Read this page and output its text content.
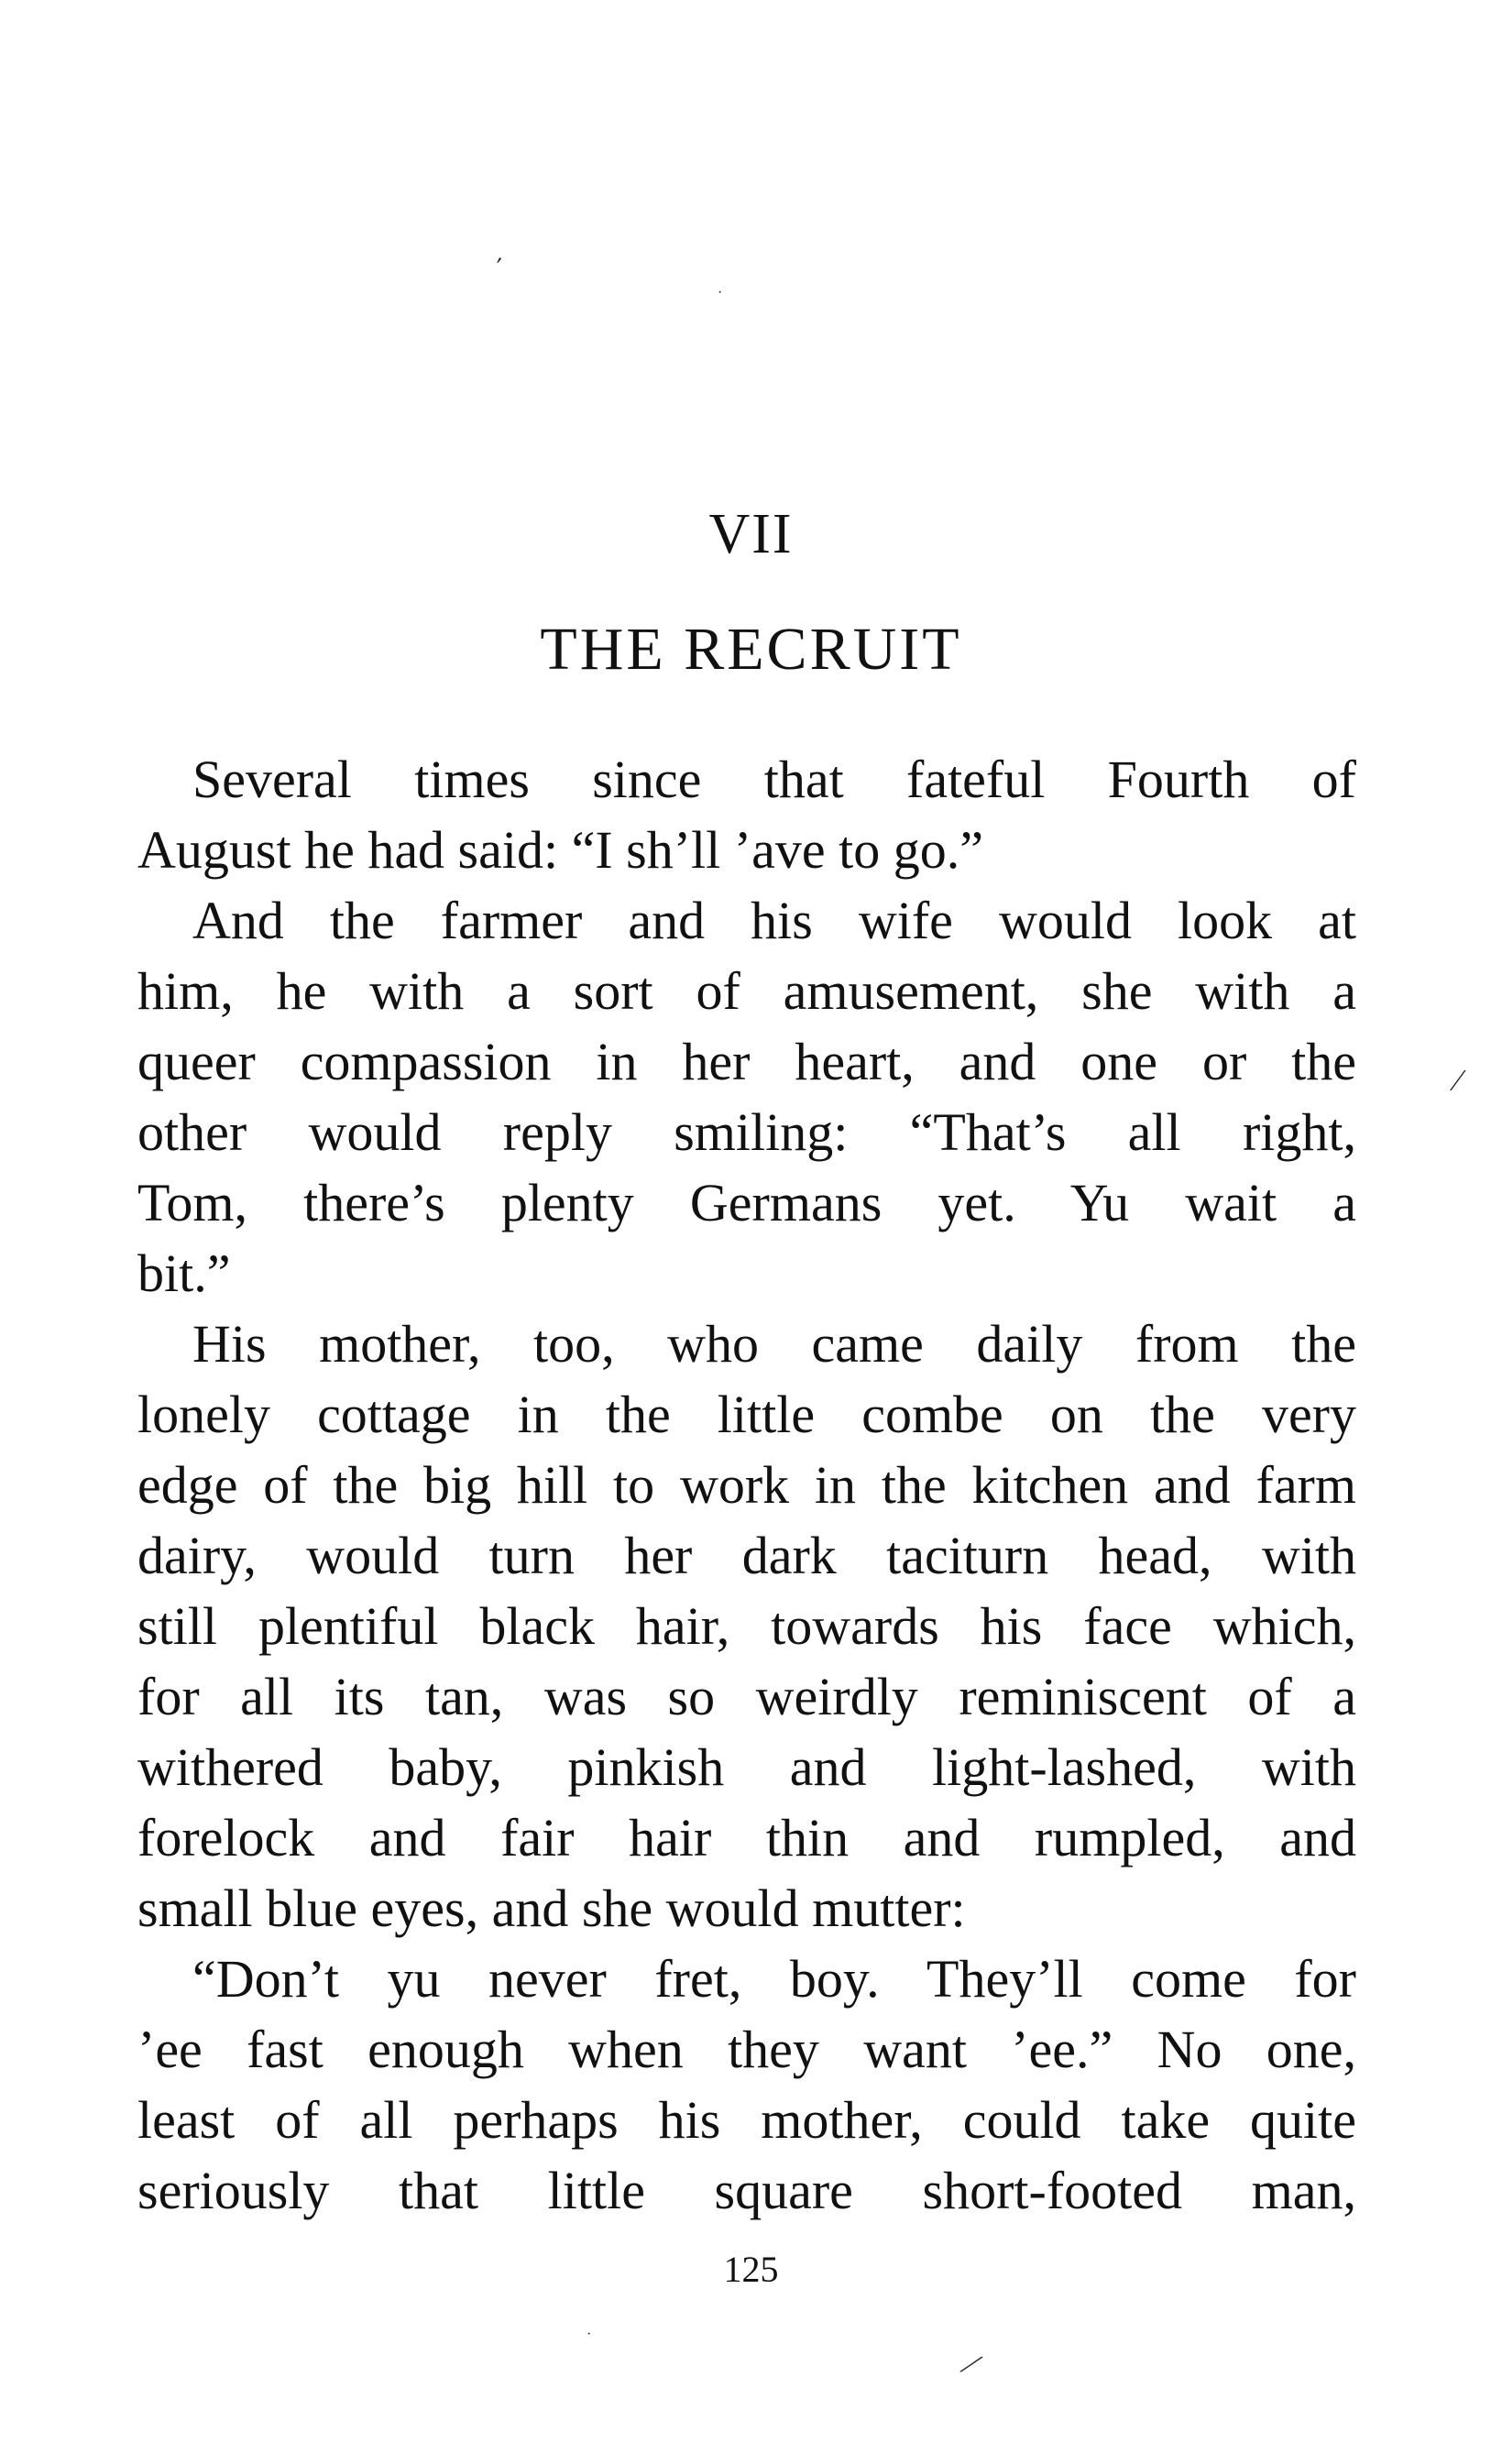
VII
THE RECRUIT
Several times since that fateful Fourth of
August he had said: “I sh’ll ’ave to go.”
And the farmer and his wife would look at
him, he with a sort of amusement, she with a
queer compassion in her heart, and one or the
other would reply smiling: “That’s all right,
Tom, there’s plenty Germans yet. Yu wait a
bit.”
His mother, too, who came daily from the
lonely cottage in the little combe on the very
edge of the big hill to work in the kitchen and farm
dairy, would turn her dark taciturn head, with
still plentiful black hair, towards his face which,
for all its tan, was so weirdly reminiscent of a
withered baby, pinkish and light-lashed, with
forelock and fair hair thin and rumpled, and
small blue eyes, and she would mutter:
“Don’t yu never fret, boy. They’ll come for
’ee fast enough when they want ’ee.” No one,
least of all perhaps his mother, could take quite
seriously that little square short-footed man,
125
′
·
⁄
·
⁄
